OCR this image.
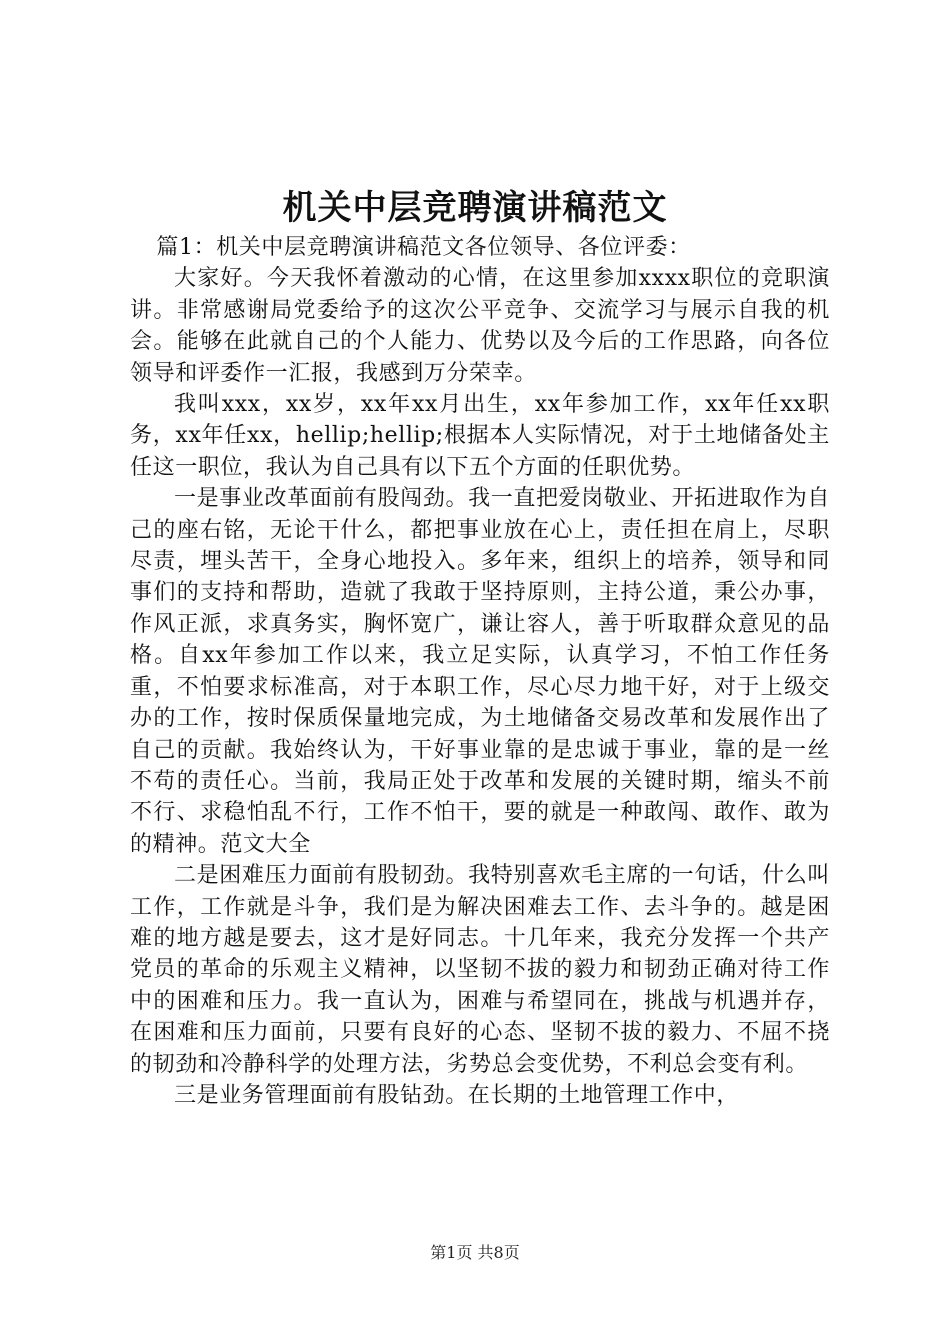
机关中层竞聘演讲稿范文

篇1：机关中层竞聘演讲稿范文各位领导、各位评委：

大家好。今天我怀着激动的心情，在这里参加xxxx职位的竞职演讲。非常感谢局党委给予的这次公平竞争、交流学习与展示自我的机会。能够在此就自己的个人能力、优势以及今后的工作思路，向各位领导和评委作一汇报，我感到万分荣幸。

我叫xxx，xx岁，xx年xx月出生，xx年参加工作，xx年任xx职务，xx年任xx，hellip;hellip;根据本人实际情况，对于土地储备处主任这一职位，我认为自己具有以下五个方面的任职优势。

一是事业改革面前有股闯劲。我一直把爱岗敬业、开拓进取作为自己的座右铭，无论干什么，都把事业放在心上，责任担在肩上，尽职尽责，埋头苦干，全身心地投入。多年来，组织上的培养，领导和同事们的支持和帮助，造就了我敢于坚持原则，主持公道，秉公办事，作风正派，求真务实，胸怀宽广，谦让容人，善于听取群众意见的品格。自xx年参加工作以来，我立足实际，认真学习，不怕工作任务重，不怕要求标准高，对于本职工作，尽心尽力地干好，对于上级交办的工作，按时保质保量地完成，为土地储备交易改革和发展作出了自己的贡献。我始终认为，干好事业靠的是忠诚于事业，靠的是一丝不苟的责任心。当前，我局正处于改革和发展的关键时期，缩头不前不行、求稳怕乱不行，工作不怕干，要的就是一种敢闯、敢作、敢为的精神。范文大全

二是困难压力面前有股韧劲。我特别喜欢毛主席的一句话，什么叫工作，工作就是斗争，我们是为解决困难去工作、去斗争的。越是困难的地方越是要去，这才是好同志。十几年来，我充分发挥一个共产党员的革命的乐观主义精神，以坚韧不拔的毅力和韧劲正确对待工作中的困难和压力。我一直认为，困难与希望同在，挑战与机遇并存，在困难和压力面前，只要有良好的心态、坚韧不拔的毅力、不屈不挠的韧劲和冷静科学的处理方法，劣势总会变优势，不利总会变有利。

三是业务管理面前有股钻劲。在长期的土地管理工作中，

第1页 共8页
